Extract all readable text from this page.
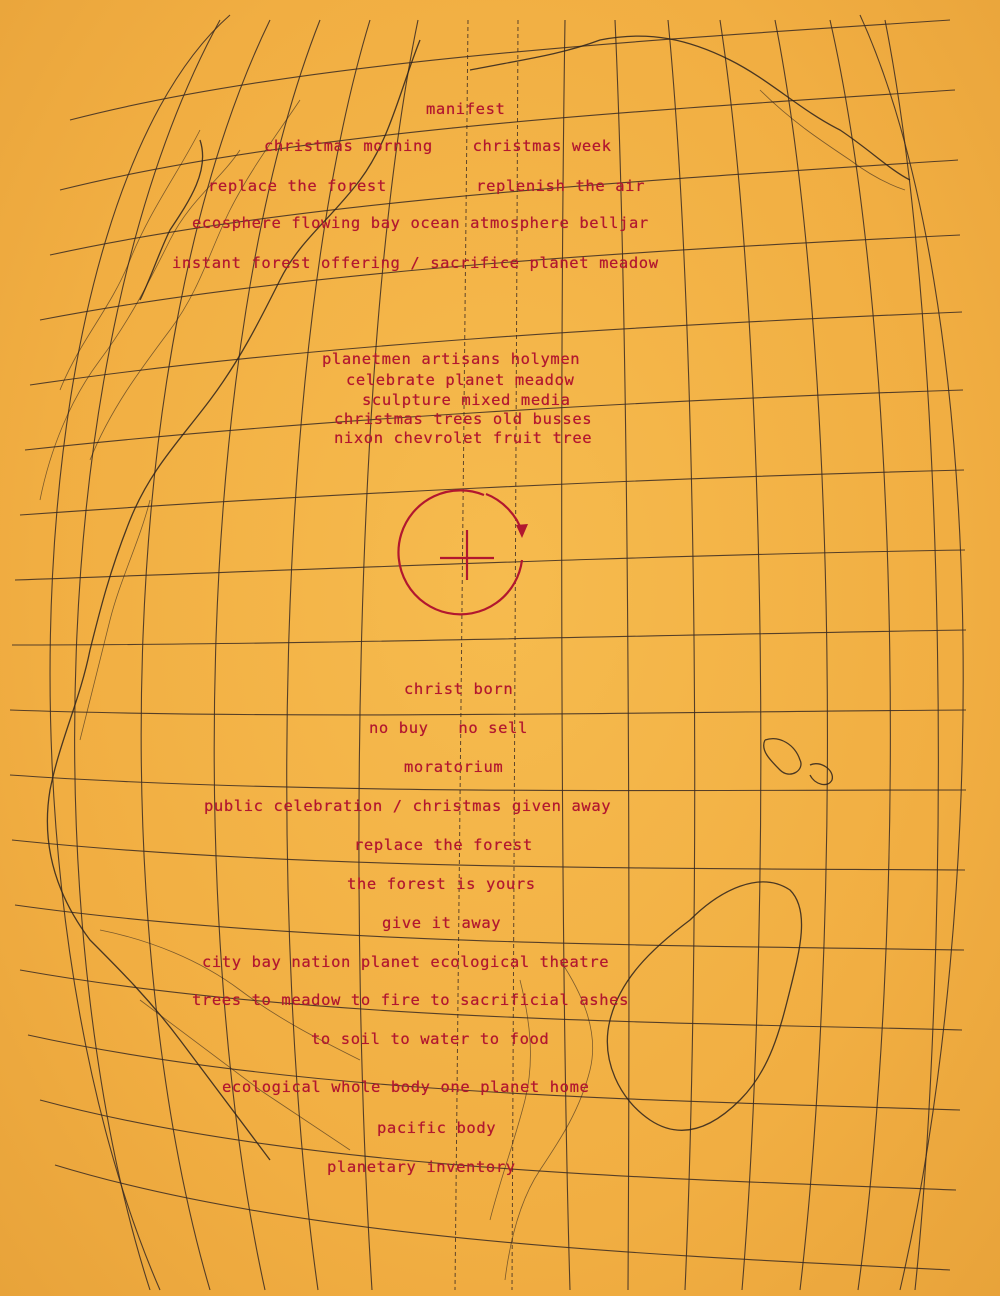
manifest
christmas morning    christmas week
replace the forest         replenish the air
ecosphere flowing bay ocean atmosphere belljar
instant forest offering / sacrifice planet meadow
planetmen artisans holymen
celebrate planet meadow
sculpture mixed media
christmas trees old busses
nixon chevrolet fruit tree
christ born
no buy   no sell
moratorium
public celebration / christmas given away
replace the forest
the forest is yours
give it away
city bay nation planet ecological theatre
trees to meadow to fire to sacrificial ashes
to soil to water to food
ecological whole body one planet home
pacific body
planetary inventory
